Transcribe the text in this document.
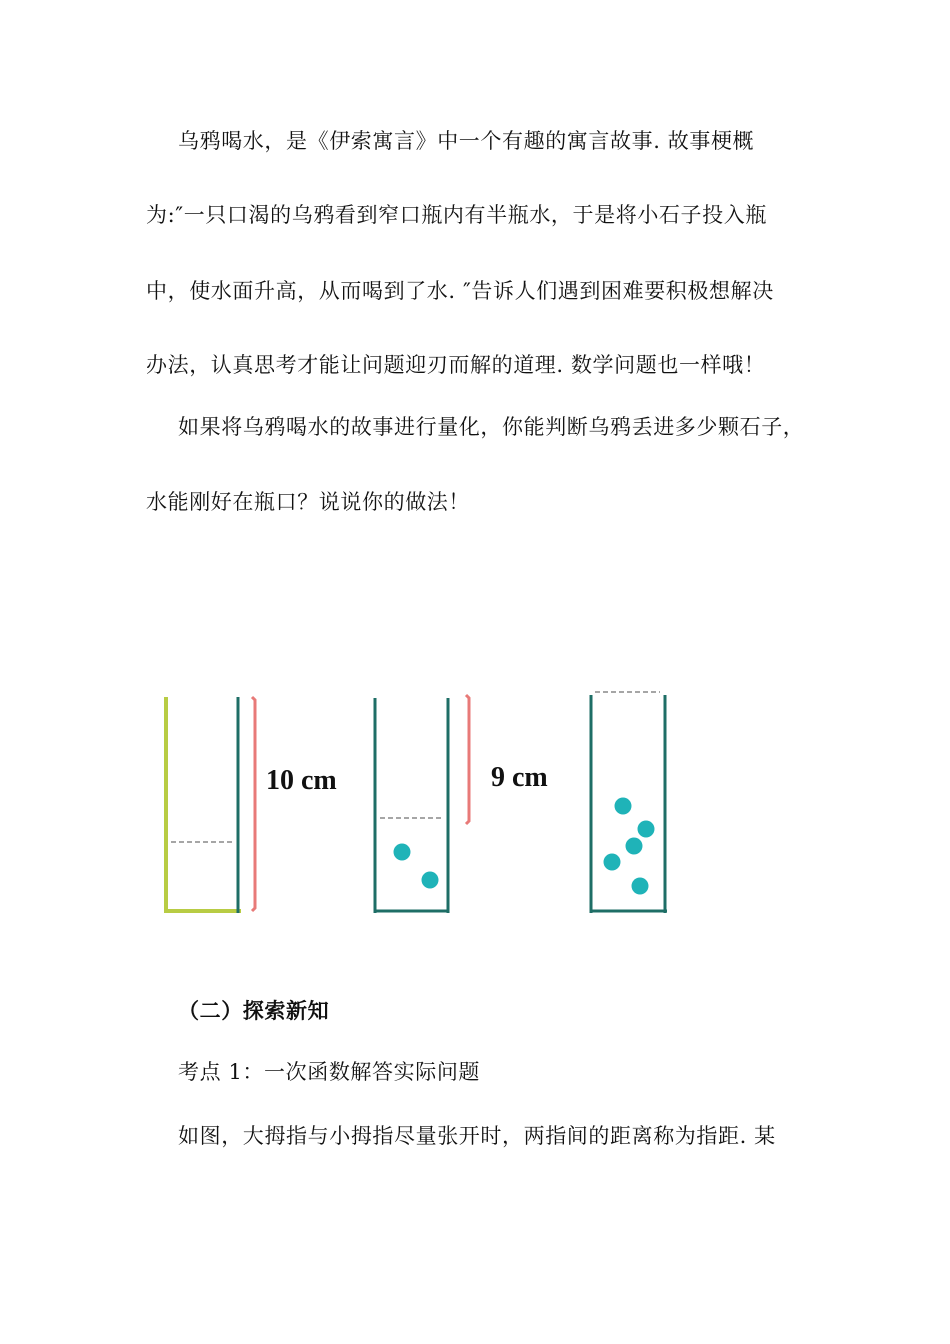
乌鸦喝水，是《伊索寓言》中一个有趣的寓言故事. 故事梗概

为:″一只口渴的乌鸦看到窄口瓶内有半瓶水，于是将小石子投入瓶

中，使水面升高，从而喝到了水. ″告诉人们遇到困难要积极想解决

办法，认真思考才能让问题迎刃而解的道理. 数学问题也一样哦！

如果将乌鸦喝水的故事进行量化，你能判断乌鸦丢进多少颗石子，

水能刚好在瓶口？说说你的做法！

10 cm	9 cm

（二）探索新知

考点 1：一次函数解答实际问题

如图，大拇指与小拇指尽量张开时，两指间的距离称为指距. 某
